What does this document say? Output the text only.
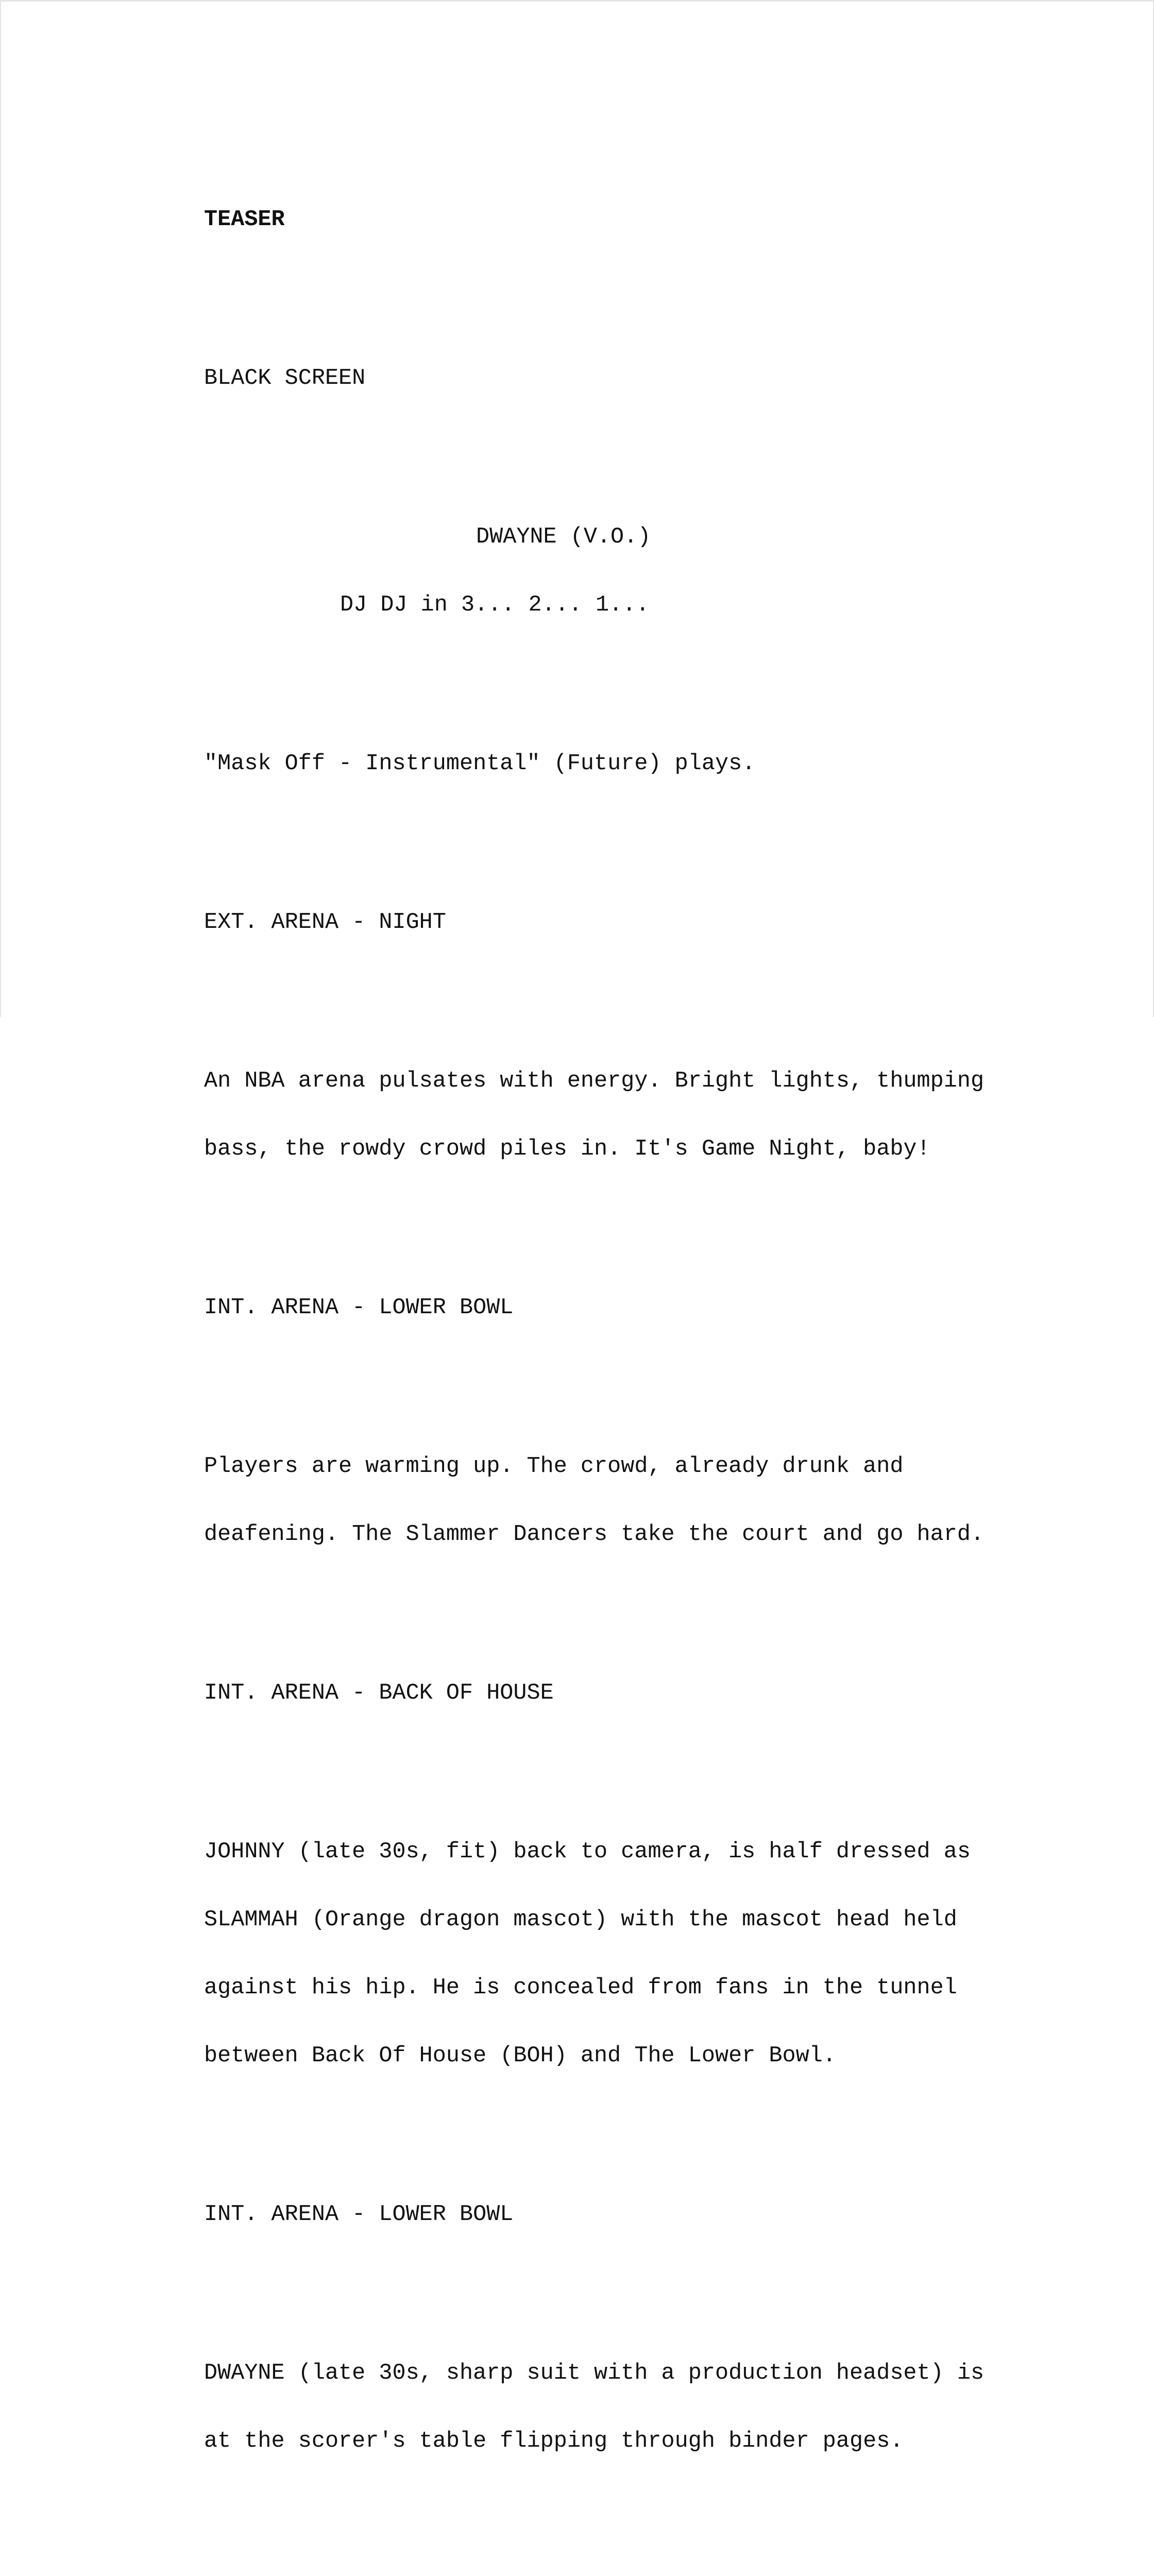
TEASER

BLACK SCREEN

DWAYNE (V.O.)

DJ DJ in 3... 2... 1...

"Mask Off - Instrumental" (Future) plays.

EXT. ARENA - NIGHT

An NBA arena pulsates with energy. Bright lights, thumping

bass, the rowdy crowd piles in. It's Game Night, baby!

INT. ARENA - LOWER BOWL

Players are warming up. The crowd, already drunk and

deafening. The Slammer Dancers take the court and go hard.

INT. ARENA - BACK OF HOUSE

JOHNNY (late 30s, fit) back to camera, is half dressed as

SLAMMAH (Orange dragon mascot) with the mascot head held

against his hip. He is concealed from fans in the tunnel

between Back Of House (BOH) and The Lower Bowl.

INT. ARENA - LOWER BOWL

DWAYNE (late 30s, sharp suit with a production headset) is

at the scorer's table flipping through binder pages.
